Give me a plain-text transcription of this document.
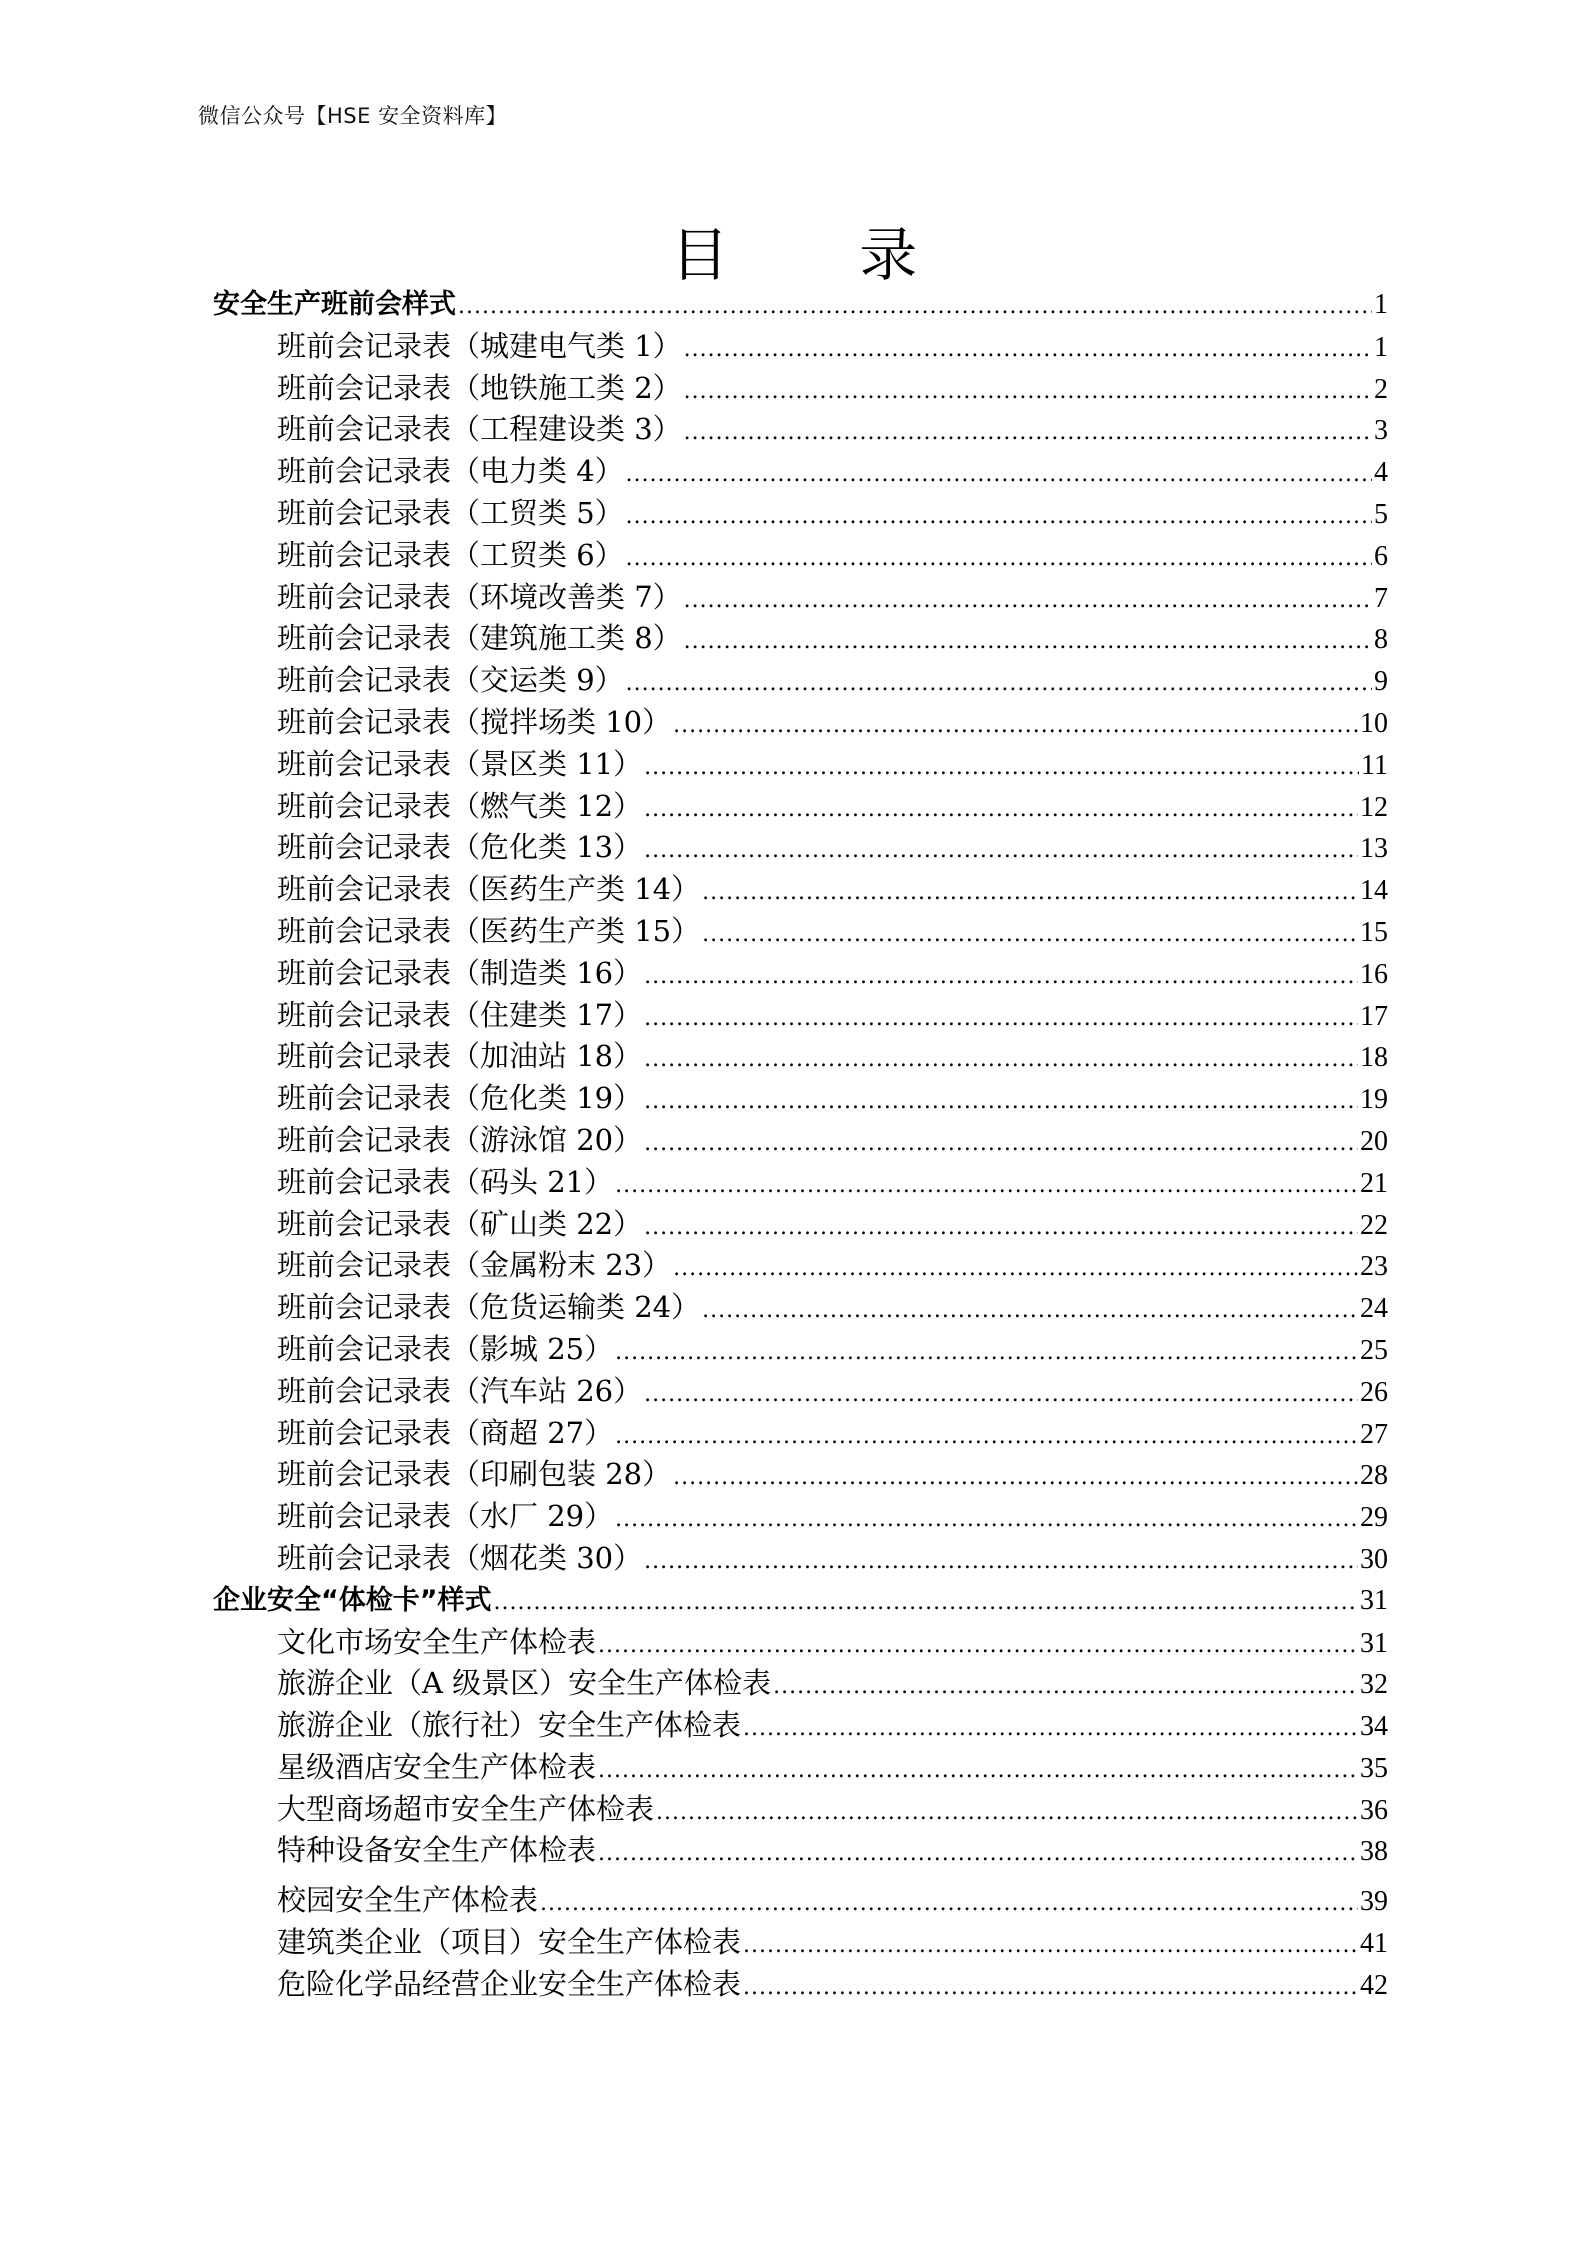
微信公众号【HSE 安全资料库】
目 录
安全生产班前会样式 .....	1
班前会记录表（城建电气类 1） .....	1
班前会记录表（地铁施工类 2） .....	2
班前会记录表（工程建设类 3） .....	3
班前会记录表（电力类 4） .....	4
班前会记录表（工贸类 5） .....	5
班前会记录表（工贸类 6） .....	6
班前会记录表（环境改善类 7） .....	7
班前会记录表（建筑施工类 8） .....	8
班前会记录表（交运类 9） .....	9
班前会记录表（搅拌场类 10） .....	10
班前会记录表（景区类 11） .....	11
班前会记录表（燃气类 12） .....	12
班前会记录表（危化类 13） .....	13
班前会记录表（医药生产类 14） .....	14
班前会记录表（医药生产类 15） .....	15
班前会记录表（制造类 16） .....	16
班前会记录表（住建类 17） .....	17
班前会记录表（加油站 18） .....	18
班前会记录表（危化类 19） .....	19
班前会记录表（游泳馆 20） .....	20
班前会记录表（码头 21） .....	21
班前会记录表（矿山类 22） .....	22
班前会记录表（金属粉末 23） .....	23
班前会记录表（危货运输类 24） .....	24
班前会记录表（影城 25） .....	25
班前会记录表（汽车站 26） .....	26
班前会记录表（商超 27） .....	27
班前会记录表（印刷包装 28） .....	28
班前会记录表（水厂 29） .....	29
班前会记录表（烟花类 30） .....	30
企业安全“体检卡”样式 .....	31
文化市场安全生产体检表 .....	31
旅游企业（A 级景区）安全生产体检表 .....	32
旅游企业（旅行社）安全生产体检表 .....	34
星级酒店安全生产体检表 .....	35
大型商场超市安全生产体检表 .....	36
特种设备安全生产体检表 .....	38
校园安全生产体检表 .....	39
建筑类企业（项目）安全生产体检表 .....	41
危险化学品经营企业安全生产体检表 .....	42
